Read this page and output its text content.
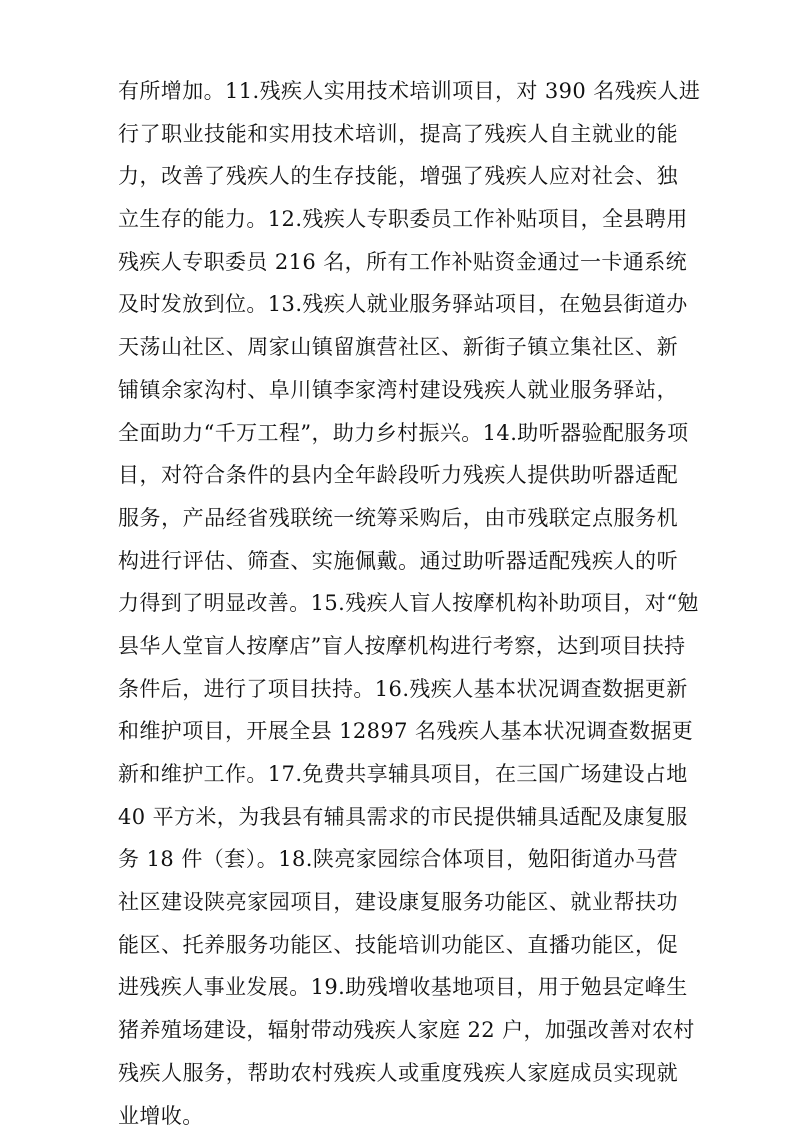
有所增加。11.残疾人实用技术培训项目，对 390 名残疾人进
行了职业技能和实用技术培训，提高了残疾人自主就业的能
力，改善了残疾人的生存技能，增强了残疾人应对社会、独
立生存的能力。12.残疾人专职委员工作补贴项目，全县聘用
残疾人专职委员 216 名，所有工作补贴资金通过一卡通系统
及时发放到位。13.残疾人就业服务驿站项目，在勉县街道办
天荡山社区、周家山镇留旗营社区、新街子镇立集社区、新
铺镇余家沟村、阜川镇李家湾村建设残疾人就业服务驿站，
全面助力“千万工程”，助力乡村振兴。14.助听器验配服务项
目，对符合条件的县内全年龄段听力残疾人提供助听器适配
服务，产品经省残联统一统筹采购后，由市残联定点服务机
构进行评估、筛查、实施佩戴。通过助听器适配残疾人的听
力得到了明显改善。15.残疾人盲人按摩机构补助项目，对“勉
县华人堂盲人按摩店”盲人按摩机构进行考察，达到项目扶持
条件后，进行了项目扶持。16.残疾人基本状况调查数据更新
和维护项目，开展全县 12897 名残疾人基本状况调查数据更
新和维护工作。17.免费共享辅具项目，在三国广场建设占地
40 平方米，为我县有辅具需求的市民提供辅具适配及康复服
务 18 件（套）。18.陕亮家园综合体项目，勉阳街道办马营
社区建设陕亮家园项目，建设康复服务功能区、就业帮扶功
能区、托养服务功能区、技能培训功能区、直播功能区，促
进残疾人事业发展。19.助残增收基地项目，用于勉县定峰生
猪养殖场建设，辐射带动残疾人家庭 22 户，加强改善对农村
残疾人服务，帮助农村残疾人或重度残疾人家庭成员实现就
业增收。
